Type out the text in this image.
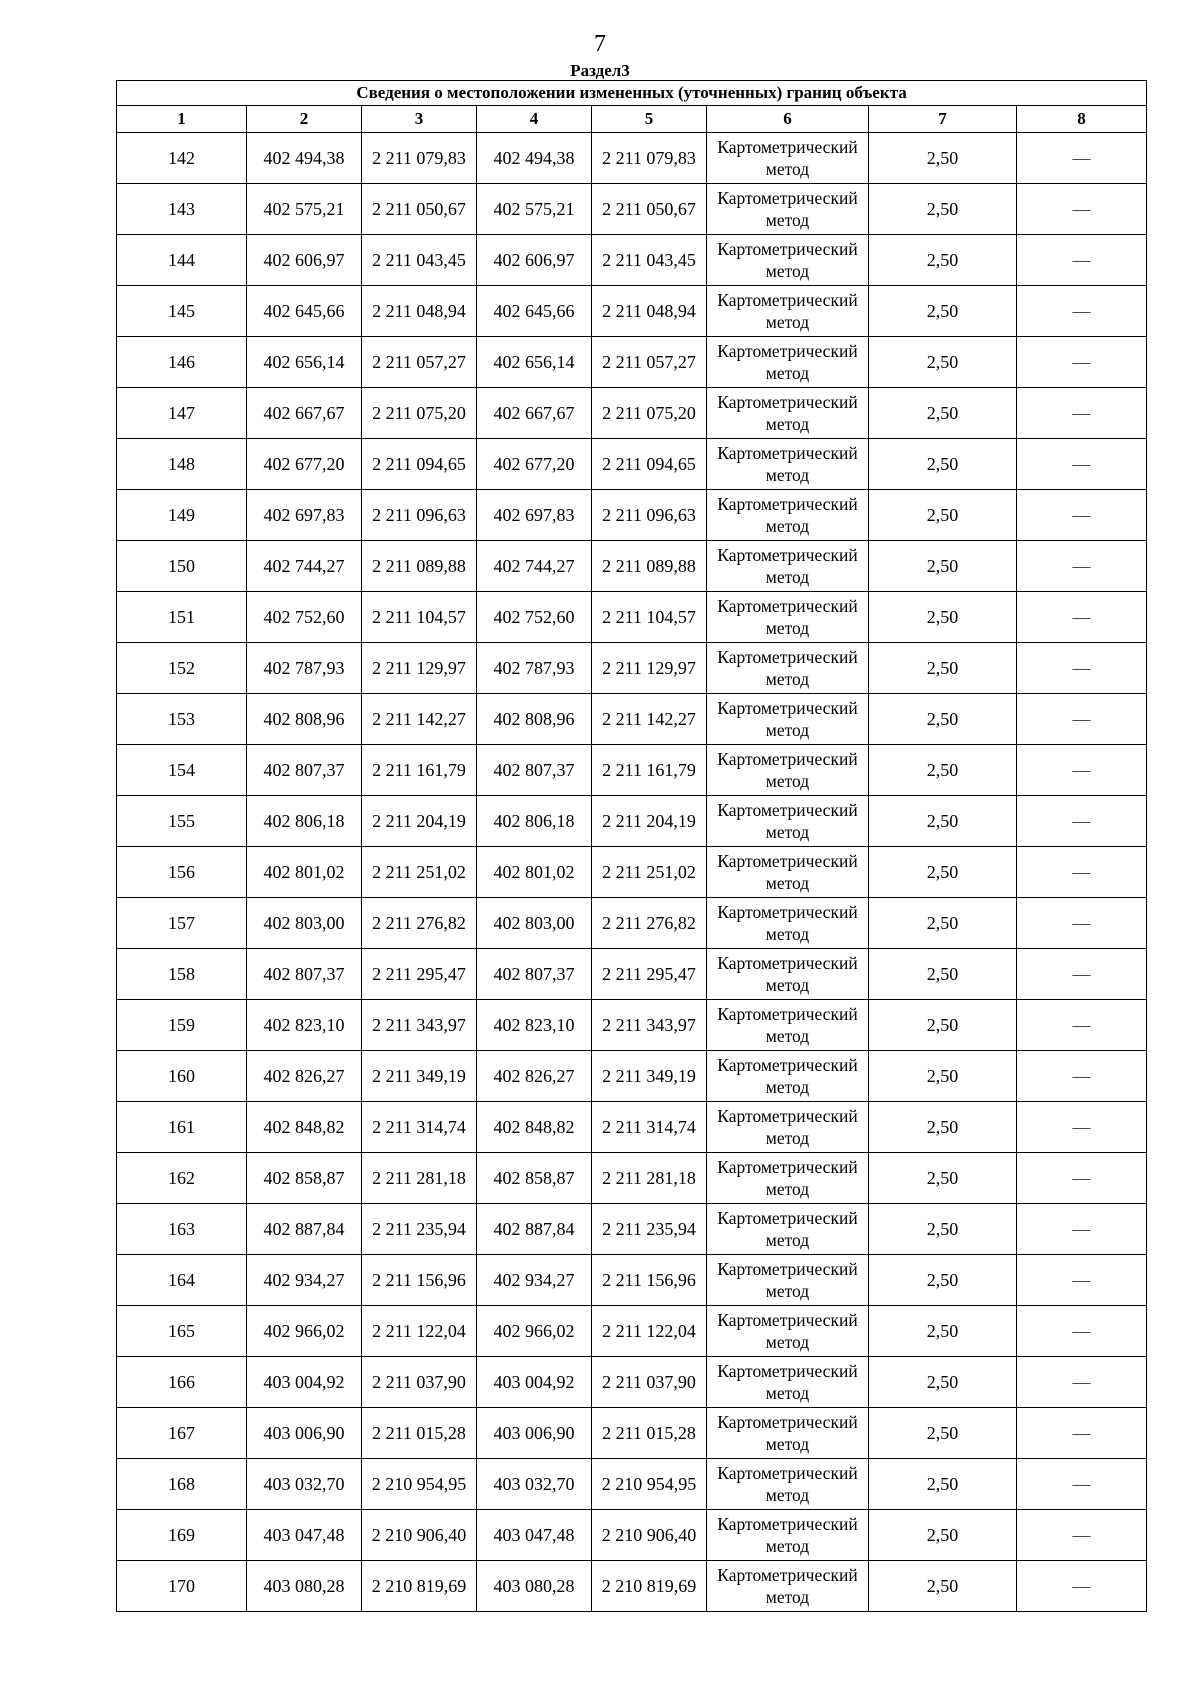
7
Раздел3
Сведения о местоположении измененных (уточненных) границ объекта							
1	2	3	4	5	6	7	8
142	402 494,38	2 211 079,83	402 494,38	2 211 079,83	Картометрический метод	2,50	—
143	402 575,21	2 211 050,67	402 575,21	2 211 050,67	Картометрический метод	2,50	—
144	402 606,97	2 211 043,45	402 606,97	2 211 043,45	Картометрический метод	2,50	—
145	402 645,66	2 211 048,94	402 645,66	2 211 048,94	Картометрический метод	2,50	—
146	402 656,14	2 211 057,27	402 656,14	2 211 057,27	Картометрический метод	2,50	—
147	402 667,67	2 211 075,20	402 667,67	2 211 075,20	Картометрический метод	2,50	—
148	402 677,20	2 211 094,65	402 677,20	2 211 094,65	Картометрический метод	2,50	—
149	402 697,83	2 211 096,63	402 697,83	2 211 096,63	Картометрический метод	2,50	—
150	402 744,27	2 211 089,88	402 744,27	2 211 089,88	Картометрический метод	2,50	—
151	402 752,60	2 211 104,57	402 752,60	2 211 104,57	Картометрический метод	2,50	—
152	402 787,93	2 211 129,97	402 787,93	2 211 129,97	Картометрический метод	2,50	—
153	402 808,96	2 211 142,27	402 808,96	2 211 142,27	Картометрический метод	2,50	—
154	402 807,37	2 211 161,79	402 807,37	2 211 161,79	Картометрический метод	2,50	—
155	402 806,18	2 211 204,19	402 806,18	2 211 204,19	Картометрический метод	2,50	—
156	402 801,02	2 211 251,02	402 801,02	2 211 251,02	Картометрический метод	2,50	—
157	402 803,00	2 211 276,82	402 803,00	2 211 276,82	Картометрический метод	2,50	—
158	402 807,37	2 211 295,47	402 807,37	2 211 295,47	Картометрический метод	2,50	—
159	402 823,10	2 211 343,97	402 823,10	2 211 343,97	Картометрический метод	2,50	—
160	402 826,27	2 211 349,19	402 826,27	2 211 349,19	Картометрический метод	2,50	—
161	402 848,82	2 211 314,74	402 848,82	2 211 314,74	Картометрический метод	2,50	—
162	402 858,87	2 211 281,18	402 858,87	2 211 281,18	Картометрический метод	2,50	—
163	402 887,84	2 211 235,94	402 887,84	2 211 235,94	Картометрический метод	2,50	—
164	402 934,27	2 211 156,96	402 934,27	2 211 156,96	Картометрический метод	2,50	—
165	402 966,02	2 211 122,04	402 966,02	2 211 122,04	Картометрический метод	2,50	—
166	403 004,92	2 211 037,90	403 004,92	2 211 037,90	Картометрический метод	2,50	—
167	403 006,90	2 211 015,28	403 006,90	2 211 015,28	Картометрический метод	2,50	—
168	403 032,70	2 210 954,95	403 032,70	2 210 954,95	Картометрический метод	2,50	—
169	403 047,48	2 210 906,40	403 047,48	2 210 906,40	Картометрический метод	2,50	—
170	403 080,28	2 210 819,69	403 080,28	2 210 819,69	Картометрический метод	2,50	—
